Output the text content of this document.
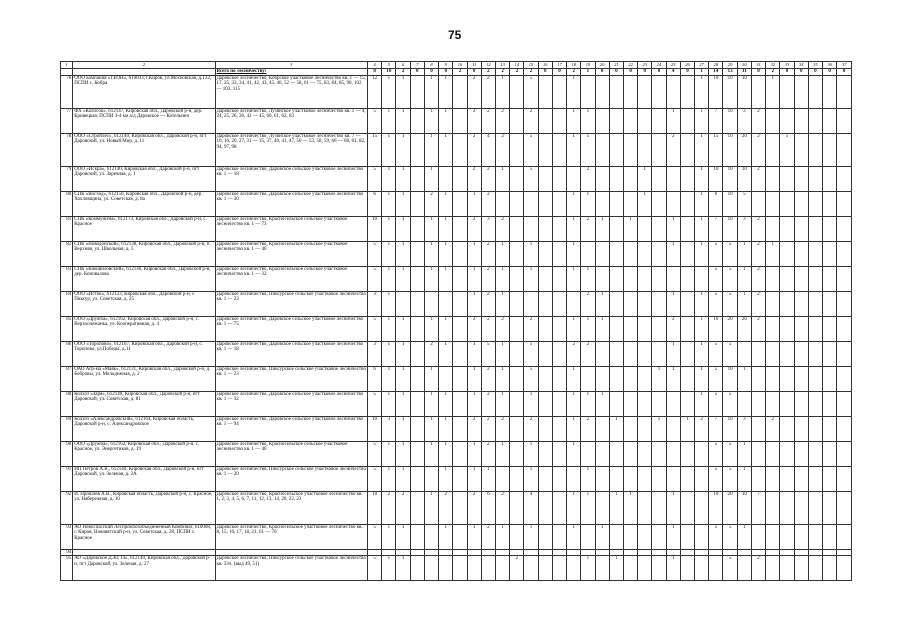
75
1	2	3	4	5	6	7	8	9	10	11	12	13	14	15	16	17	18	19	20	21	22	23	24	25	26	27	28	29	30	31	32	33	34	35	36	37
		Всего по лесничеству:	0	10	2	0	0	0	2	0	2	2	2	2	0	0	2	1	0	0	0	0	0	4	0	1	14	13	11	0	2	0	0	0	0	0
76	ООО компания «ТЕОН», 610033, г.Киров, ул.Московская, д.122, ПСПИ с. Кобра	Даровское лесничество, Кобрское участковое лесничество кв. 1 — 15, 17, 25, 33, 34, 41, 42, 43, 45, 46, 52 — 58, 61 — 75, 83, 84, 85, 90, 102 — 103, 115	12	1	1		1	1		2	2	1		5			1									1	10	10	10		1					
77	ФХ «Колосок», 612147, Кировская обл., Даровской р-н, дер. Кривецкая, ПСПИ 3-4 км а/д Даровское — Котельнич	Даровское лесничество, Лузянское участковое лесничество кв. 1 — 4, 24, 25, 26, 36, 42 — 45, 60, 61, 62, 83	5	1	1		1	1		2	2	2		2			1	1						1		1	7	10	3	2						
78	ООО «Стройлес», 612140, Кировская обл., Даровской р-н, пгт Даровской, ул. Новый Мир, д. 11	Даровское лесничество, Лузянское участковое лесничество кв. 7 — 10, 16, 20, 27, 31 — 35, 37, 40, 41, 47, 50 — 53, 58, 59, 66 — 68, 81, 82, 94, 97, 98	15	1	1		1	1		2	4	2		5			1	1						2		1	15	10	20	2		1				
79	ООО «Искра», 612140, Кировская обл., Даровской р-н, пгт Даровской, ул. Заречная, д. 1	Даровское лесничество, Даровское сельское участковое лесничество кв. 1 — 18	5	1	1		1			2	2	1		5				2				1				1	10	10	10	2						
80	СПК «Восход», 612150, Кировская обл., Даровской р-н, дер. Хохловщина, ул. Советская, д. 8а	Даровское лесничество, Даровское сельское участковое лесничество кв. 1 — 30	6	1	1		2	1		1	2						1	1				1				1	6	10	5							
81	СПК «Коммунизм», 612173, Кировская обл., Даровской р-н, с. Красное	Даровское лесничество, Красносельское сельское участковое лесничество кв. 1 — 73	10	1	1		1	1		2	3	2					1	2	1		1			1		1	7	10	3	2						
82	СПК «Новодонской», 612138, Кировская обл., Даровской р-н, п. Верхняя, ул. Школьная, д. 5	Даровское лесничество, Красносельское сельское участковое лесничество кв. 1 — 40	5	1	1		1	1		1	2	1		1			1							1		1	5	5	1	2	1					
83	СПК «Киковиловский», 612140, Кировская обл., Даровской р-н, дер. Коновалово	Даровское лесничество, Красносельское сельское участковое лесничество кв. 1 — 32	5	1	1		1	1		1	2	1		1			1	1									5	5	1	2						
84	ООО «Исток», 612133, Кировская обл., Даровской р-н, с. Пиксур, ул. Советская, д. 25	Даровское лесничество, Пиксурское сельское участковое лесничество кв. 1 — 23	3	1						1	2	1						2	1					1		1	5	5	1	2						
85	ООО «Дружба», 612162, Кировская обл., Даровской р-н, с. Верхоснежанка, ул. Кооперативная, д. 4	Даровское лесничество, Даровское сельское участковое лесничество кв. 1 — 75	5	1	1		1	1		2	2	2		2			1	1	1					2		1	10	20	20	2						
86	ООО «Торопово», 612167, Кировская обл., Даровской р-н, с. Торопово, ул.Победы, д.11	Даровское лесничество, Даровское сельское участковое лесничество кв. 1 — 18	3	1	1		2	1		1	5	1		1			2	2						1		1	5	5								
87	ОАО Агр-ма «Маяк», 612131, Кировская обл., Даровской р-н, д. Бобровы, ул. Молодежная, д. 2	Даровское лесничество, Пиксурское сельское участковое лесничество кв. 1 — 23	6	1	1		1			1	2	1		5			1						1	1		1	5	10	1							
88	Колхоз «Заря», 612140, Кировская обл., Даровской р-н, пгт Даровской, ул. Советская, д. 81	Даровское лесничество, Даровское сельское участковое лесничество кв. 1 — 32	5	1	1		1	1		1	2	1		1			1	1	1							1	5	5								
89	Колхоз «Александровский», 612164, Кировская область, Даровской р-н, с. Александровское	Даровское лесничество, Даровское сельское участковое лесничество кв. 1 — 94	10	3	1		1	1		2	2	2		2			1	2		1			1		1	2	7	10	3		2					
90	ООО «Дружба», 612162, Кировская обл., Даровской р-н, с. Красное, ул. Энергетиков, д. 19	Даровское лесничество, Красносельское сельское участковое лесничество кв. 1 — 40	5	1	1		1	1		1	2	1		1			1										5	5	1							
91	ИП Петров А.В., 612140, Кировская обл., Даровской р-н, пгт Даровской, ул. Зеленая, д. 2А	Даровское лесничество, Пиксурское сельское участковое лесничество кв. 1 — 20	5	1	1			1		1	1			1				1									5	5	1							
92	И. Прошлев А.В., Кировская область, Даровской р-н, с. Красное, ул. Набережная, д. 10	Даровское лесничество, Красносельское участковое лесничество кв. 1, 2, 3, 4, 5, 6, 7, 11, 12, 13, 14, 20, 22, 23	10	2	2		1	2		2	6	2		4			1	1		1	1			1			10	20	10	7						
93	АО Новоспасский Леспромхозобъединенный Комбинат, 610008, г. Киров, Нововятский р-н, ул. Советская, д. 28, ПСПИ с. Красное	Даровское лесничество, Красносельское участковое лесничество кв. 8, 15, 16, 17, 18, 21, 61 — 70	5	1	1			1		1	2	1		1			1		1					1			5	5	1							
94																																				
95	АО «Даровское ДЭП 14», 612140, Кировская обл., Даровской р-н, пгт Даровской, ул. Зеленая, д. 27	Даровское лесничество, Пиксурское сельское участковое лесничество кв. 33ч. (выд 49, 51)	5	1	1								2					1		1				1				5		2						
